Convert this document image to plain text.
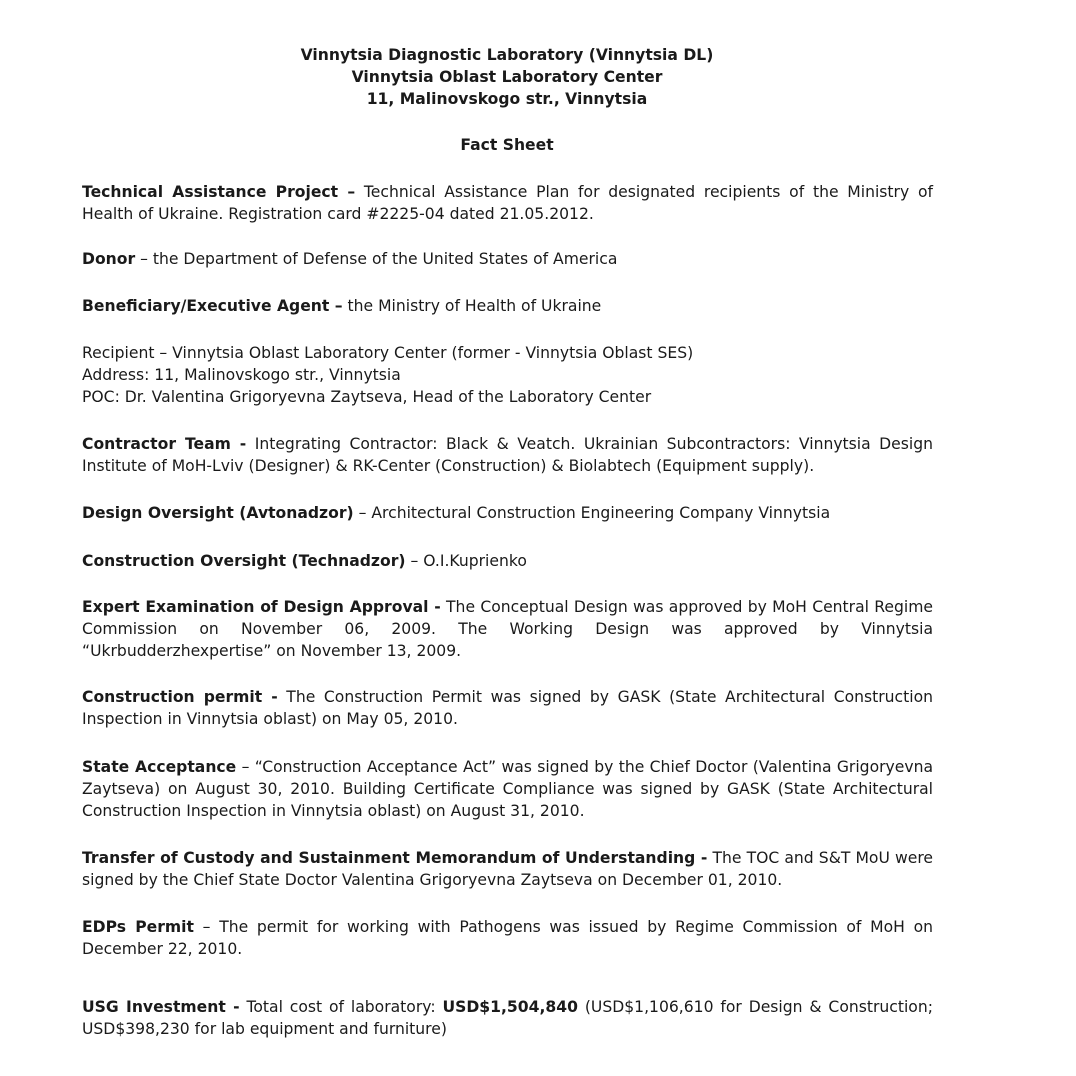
Vinnytsia Diagnostic Laboratory (Vinnytsia DL)
Vinnytsia Oblast Laboratory Center
11, Malinovskogo str., Vinnytsia
Fact Sheet
Technical Assistance Project – Technical Assistance Plan for designated recipients of the Ministry of Health of Ukraine. Registration card #2225-04 dated 21.05.2012.
Donor – the Department of Defense of the United States of America
Beneficiary/Executive Agent – the Ministry of Health of Ukraine
Recipient – Vinnytsia Oblast Laboratory Center (former - Vinnytsia Oblast SES)
Address: 11, Malinovskogo str., Vinnytsia
POC: Dr. Valentina Grigoryevna Zaytseva, Head of the Laboratory Center
Contractor Team - Integrating Contractor: Black & Veatch. Ukrainian Subcontractors: Vinnytsia Design Institute of MoH-Lviv (Designer) & RK-Center (Construction) & Biolabtech (Equipment supply).
Design Oversight (Avtonadzor) – Architectural Construction Engineering Company Vinnytsia
Construction Oversight (Technadzor) – O.I.Kuprienko
Expert Examination of Design Approval - The Conceptual Design was approved by MoH Central Regime Commission on November 06, 2009. The Working Design was approved by Vinnytsia “Ukrbudderzhexpertise” on November 13, 2009.
Construction permit - The Construction Permit was signed by GASK (State Architectural Construction Inspection in Vinnytsia oblast) on May 05, 2010.
State Acceptance – “Construction Acceptance Act” was signed by the Chief Doctor (Valentina Grigoryevna Zaytseva) on August 30, 2010. Building Certificate Compliance was signed by GASK (State Architectural Construction Inspection in Vinnytsia oblast) on August 31, 2010.
Transfer of Custody and Sustainment Memorandum of Understanding - The TOC and S&T MoU were signed by the Chief State Doctor Valentina Grigoryevna Zaytseva on December 01, 2010.
EDPs Permit – The permit for working with Pathogens was issued by Regime Commission of MoH on December 22, 2010.
USG Investment - Total cost of laboratory: USD$1,504,840 (USD$1,106,610 for Design & Construction; USD$398,230 for lab equipment and furniture)
